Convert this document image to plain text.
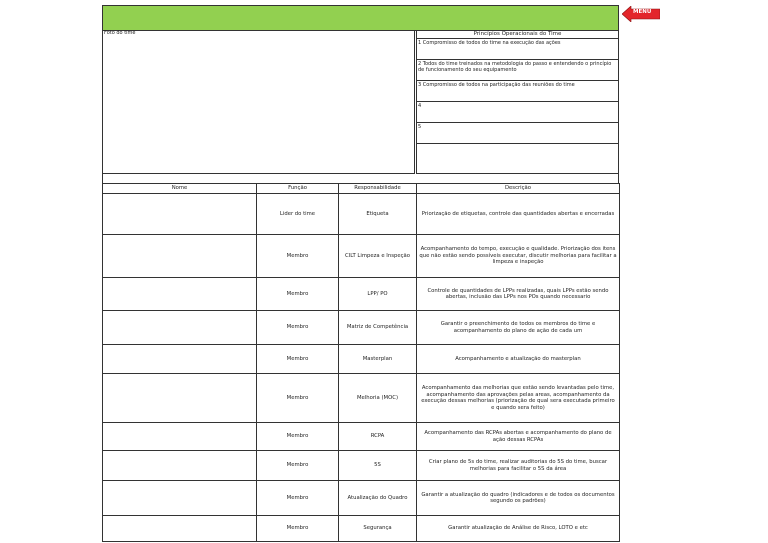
MENU
Foto do time	Princípios Operacionais do Time
1 Compromisso de todos do time na execução das ações
2 Todos do time treinados na metodologia do passo e entendendo o princípio de funcionamento do seu equipamento
3 Compromisso de todos na participação das reuniões do time
4
5
Nome	Função	Responsabilidade	Descrição
	Lider do time	Etiqueta	Priorização de etiquetas, controle das quantidades abertas e encerradas
	Membro	CILT Limpeza e Inspeção	Acompanhamento do tempo, execução e qualidade. Priorização dos itens que não estão sendo possíveis executar, discutir melhorias para facilitar a limpeza e inspeção
	Membro	LPP/ PO	Controle de quantidades de LPPs realizadas, quais LPPs estão sendo abertas, inclusão das LPPs nos POs quando necessario
	Membro	Matriz de Competência	Garantir o preenchimento de todos os membros do time e acompanhamento do plano de ação de cada um
	Membro	Masterplan	Acompanhamento e atualização do masterplan
	Membro	Melhoria (MOC)	Acompanhamento das melhorias que estão sendo levantadas pelo time, acompanhamento das aprovações pelas areas, acompanhamento da execução dessas melhorias (priorização de qual sera executada primeiro e quando sera feito)
	Membro	RCPA	Acompanhamento das RCPAs abertas e acompanhamento do plano de ação dessas RCPAs
	Membro	5S	Criar plano de 5s do time, realizar auditorias do 5S do time, buscar melhorias para facilitar o 5S da área
	Membro	Atualização do Quadro	Garantir a atualização do quadro (indicadores e de todos os documentos segundo os padrões)
	Membro	Segurança	Garantir atualização de Análise de Risco, LOTO e etc
